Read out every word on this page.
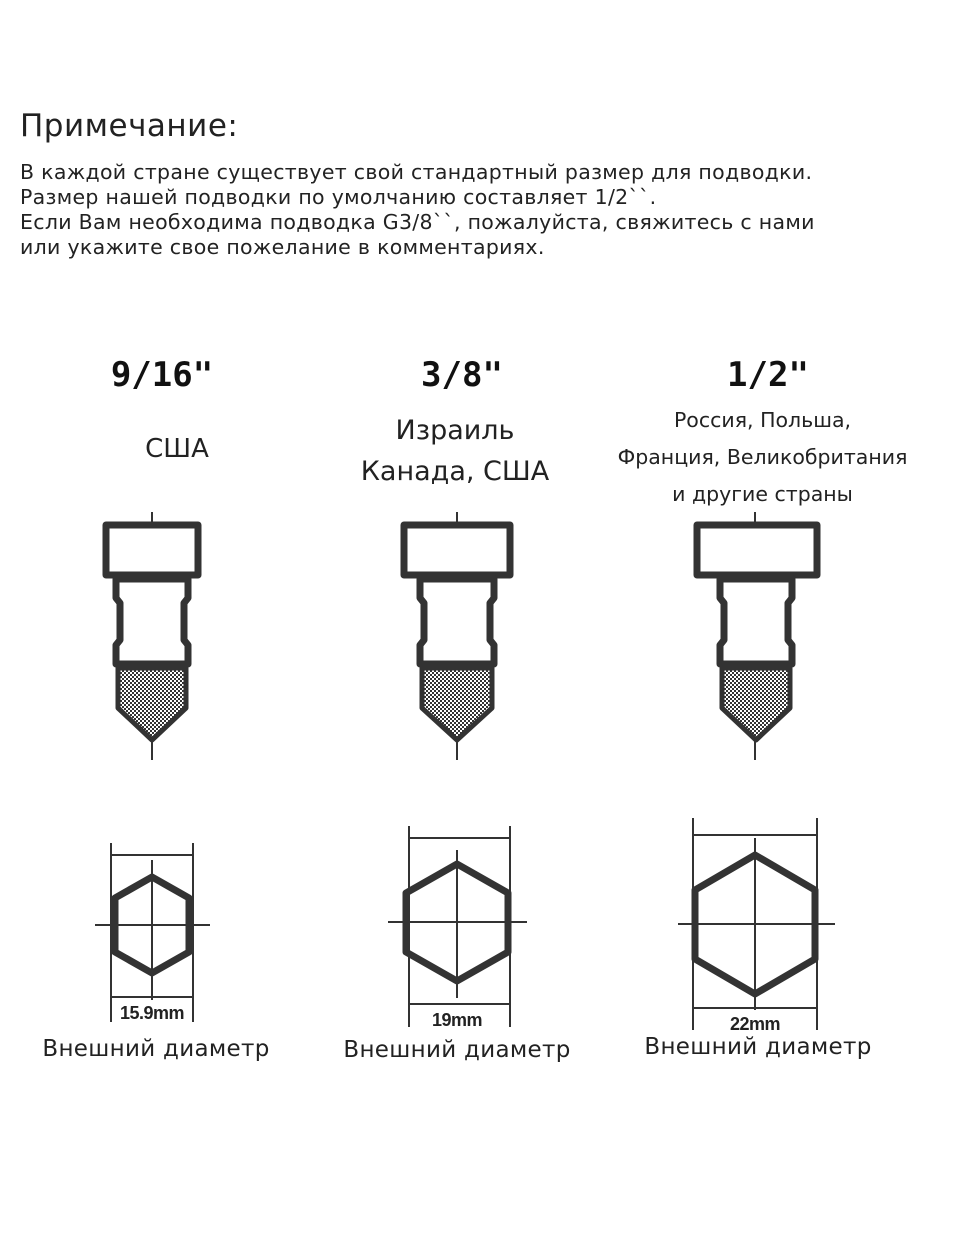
Примечание:
В каждой стране существует свой стандартный размер для подводки.
Размер нашей подводки по умолчанию составляет 1/2``.
Если Вам необходима подводка G3/8``, пожалуйста, свяжитесь с нами
или укажите свое пожелание в комментариях.
9/16"	3/8"	1/2"
США
Израиль
Канада, США
Россия, Польша,
Франция, Великобритания
и другие страны
15.9mm	19mm	22mm
Внешний диаметр	Внешний диаметр	Внешний диаметр
